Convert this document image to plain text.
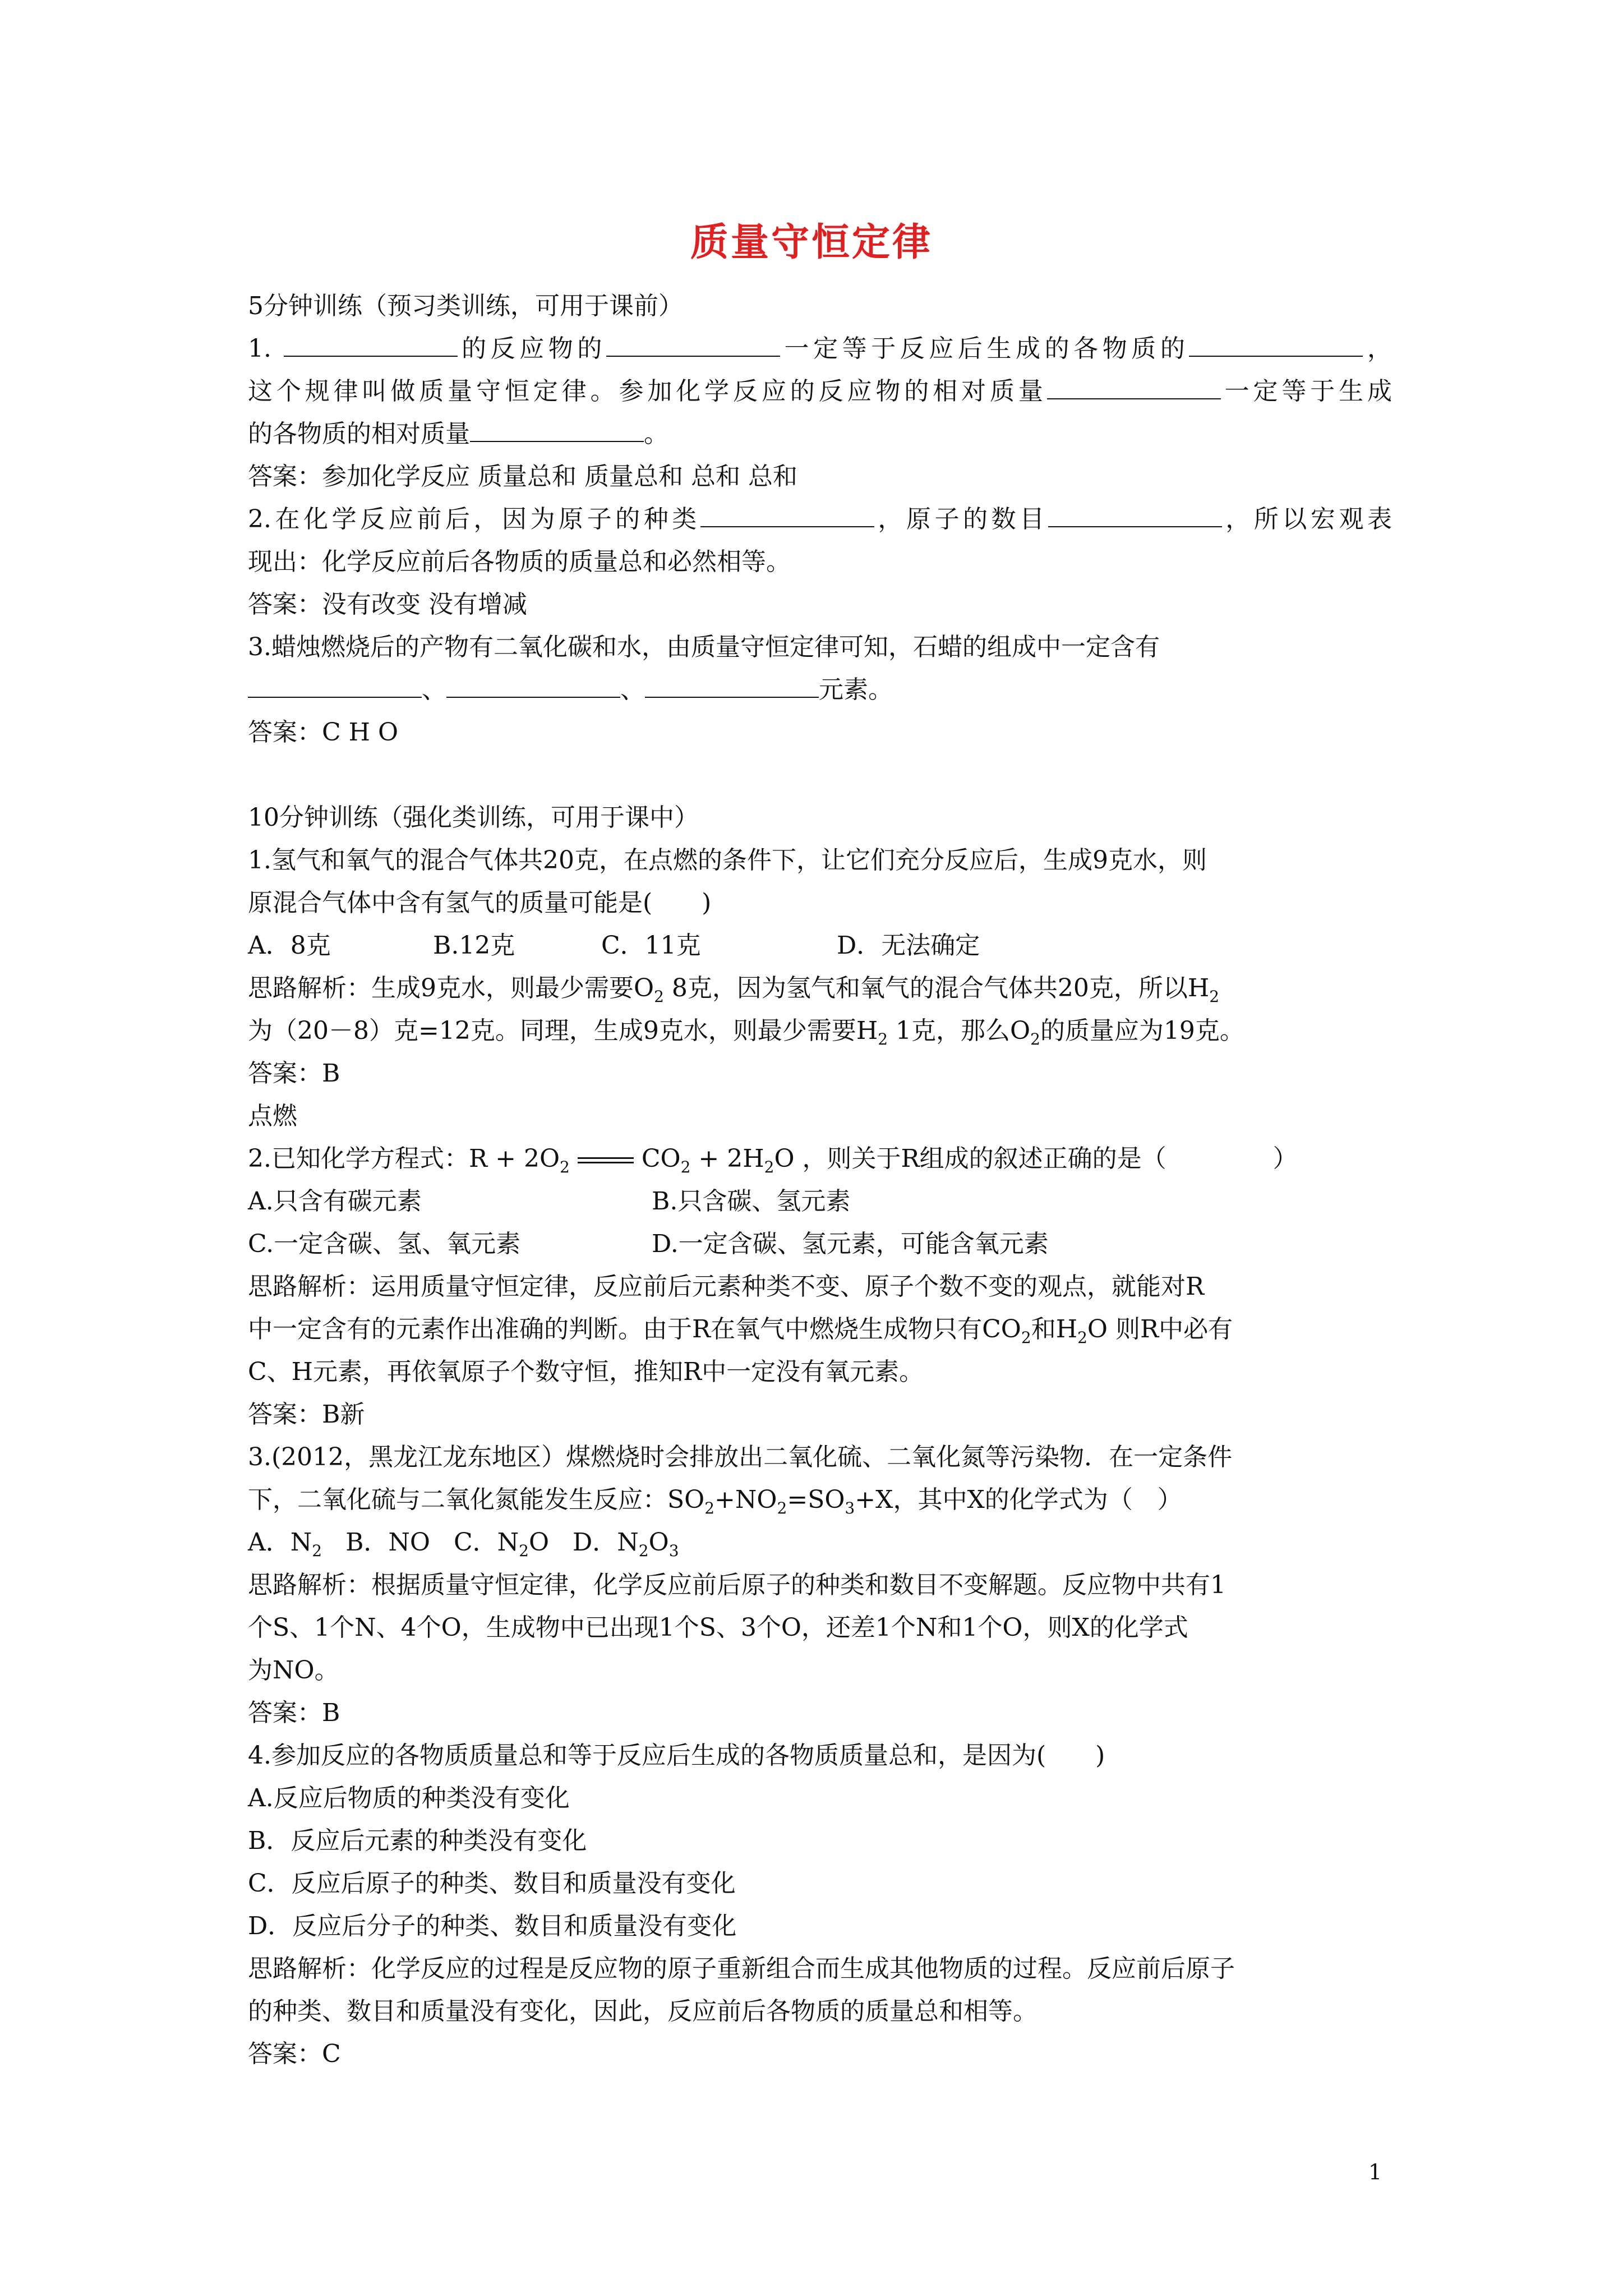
质量守恒定律
5分钟训练（预习类训练，可用于课前）
1.	的反应物的	一定等于反应后生成的各物质的	，
这个规律叫做质量守恒定律。参加化学反应的反应物的相对质量	一定等于生成
的各物质的相对质量	。
答案：参加化学反应 质量总和 质量总和 总和 总和
2.在化学反应前后，因为原子的种类	，原子的数目	，所以宏观表
现出：化学反应前后各物质的质量总和必然相等。
答案：没有改变 没有增减
3.蜡烛燃烧后的产物有二氧化碳和水，由质量守恒定律可知，石蜡的组成中一定含有
、	、	元素。
答案：C H O
10分钟训练（强化类训练，可用于课中）
1.氢气和氧气的混合气体共20克，在点燃的条件下，让它们充分反应后，生成9克水，则
原混合气体中含有氢气的质量可能是(　　)
A．8克	B.12克	C．11克	D．无法确定
思路解析：生成9克水，则最少需要$O_2$ 8克，因为氢气和氧气的混合气体共20克，所以$H_2$
为（20－8）克=12克。同理，生成9克水，则最少需要$H_2$ 1克，那么$O_2$的质量应为19克。
答案：B
点燃
2.已知化学方程式：$R + 2O_2$	$CO_2 + 2H_2O$ ，则关于R组成的叙述正确的是（	）
A.只含有碳元素	B.只含碳、氢元素
C.一定含碳、氢、氧元素	D.一定含碳、氢元素，可能含氧元素
思路解析：运用质量守恒定律，反应前后元素种类不变、原子个数不变的观点，就能对R
中一定含有的元素作出准确的判断。由于R在氧气中燃烧生成物只有$CO_2$和$H_2O$ 则R中必有
C、H元素，再依氧原子个数守恒，推知R中一定没有氧元素。
答案：B新
3.(2012，黑龙江龙东地区）煤燃烧时会排放出二氧化硫、二氧化氮等污染物．在一定条件
下，二氧化硫与二氧化氮能发生反应：$SO_2+NO_2=SO_3+X$，其中X的化学式为（　）
A．$N_2$ B．NO C．$N_2O$ D．$N_2O_3$
思路解析：根据质量守恒定律，化学反应前后原子的种类和数目不变解题。反应物中共有1
个S、1个N、4个O，生成物中已出现1个S、3个O，还差1个N和1个O，则X的化学式
为NO。
答案：B
4.参加反应的各物质质量总和等于反应后生成的各物质质量总和，是因为(　　)
A.反应后物质的种类没有变化
B．反应后元素的种类没有变化
C．反应后原子的种类、数目和质量没有变化
D．反应后分子的种类、数目和质量没有变化
思路解析：化学反应的过程是反应物的原子重新组合而生成其他物质的过程。反应前后原子
的种类、数目和质量没有变化，因此，反应前后各物质的质量总和相等。
答案：C
1
